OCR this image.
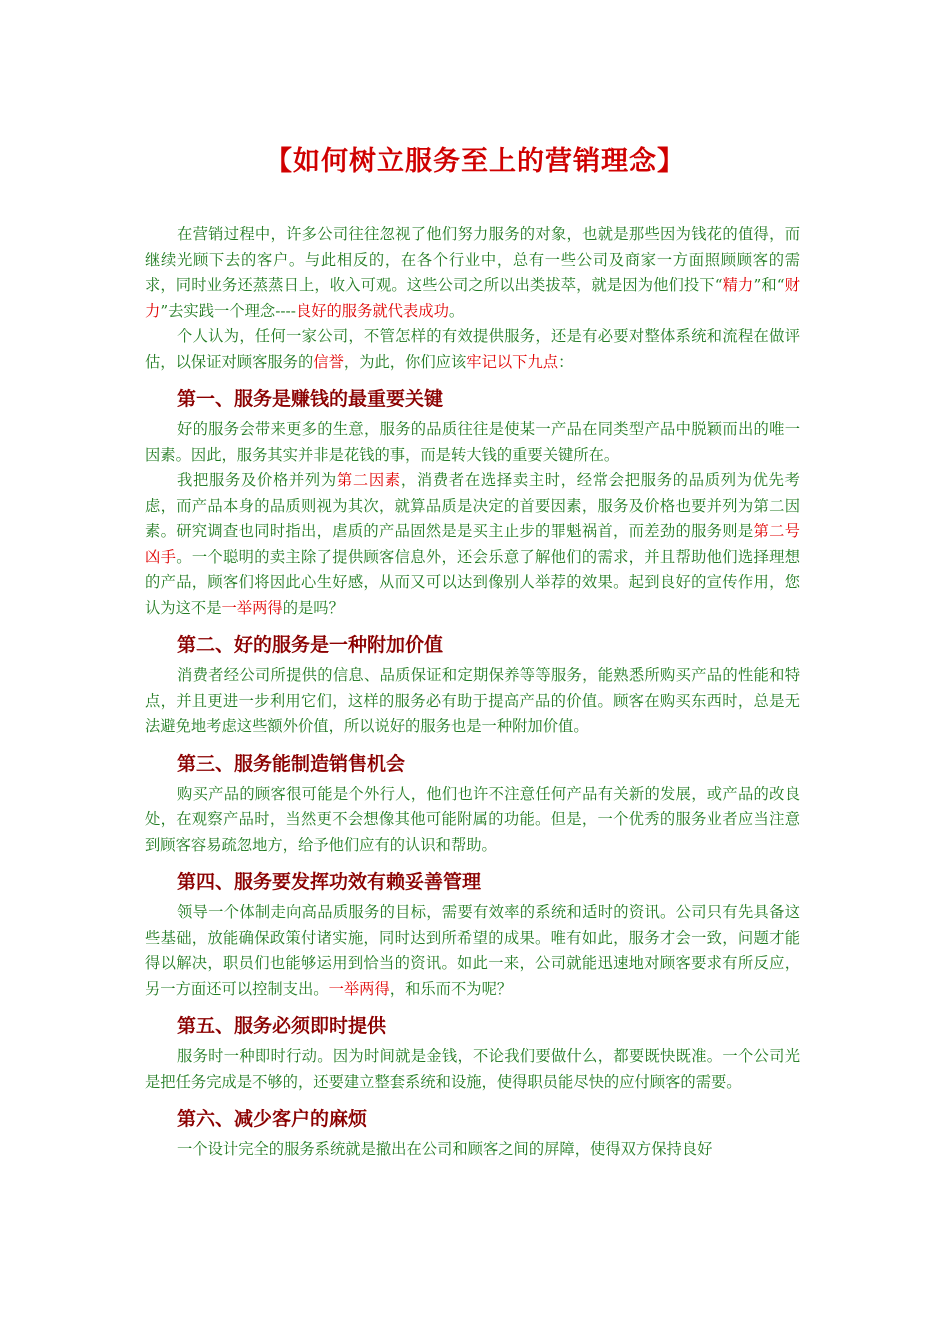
【如何树立服务至上的营销理念】

在营销过程中，许多公司往往忽视了他们努力服务的对象，也就是那些因为钱花的值得，而继续光顾下去的客户。与此相反的，在各个行业中，总有一些公司及商家一方面照顾顾客的需求，同时业务还蒸蒸日上，收入可观。这些公司之所以出类拔萃，就是因为他们投下“精力”和“财力”去实践一个理念----良好的服务就代表成功。

个人认为，任何一家公司，不管怎样的有效提供服务，还是有必要对整体系统和流程在做评估，以保证对顾客服务的信誉，为此，你们应该牢记以下九点：

第一、服务是赚钱的最重要关键

好的服务会带来更多的生意，服务的品质往往是使某一产品在同类型产品中脱颖而出的唯一因素。因此，服务其实并非是花钱的事，而是转大钱的重要关键所在。

我把服务及价格并列为第二因素，消费者在选择卖主时，经常会把服务的品质列为优先考虑，而产品本身的品质则视为其次，就算品质是决定的首要因素，服务及价格也要并列为第二因素。研究调查也同时指出，虐质的产品固然是是买主止步的罪魁祸首，而差劲的服务则是第二号凶手。一个聪明的卖主除了提供顾客信息外，还会乐意了解他们的需求，并且帮助他们选择理想的产品，顾客们将因此心生好感，从而又可以达到像别人举荐的效果。起到良好的宣传作用，您认为这不是一举两得的是吗？

第二、好的服务是一种附加价值

消费者经公司所提供的信息、品质保证和定期保养等等服务，能熟悉所购买产品的性能和特点，并且更进一步利用它们，这样的服务必有助于提高产品的价值。顾客在购买东西时，总是无法避免地考虑这些额外价值，所以说好的服务也是一种附加价值。

第三、服务能制造销售机会

购买产品的顾客很可能是个外行人，他们也许不注意任何产品有关新的发展，或产品的改良处，在观察产品时，当然更不会想像其他可能附属的功能。但是，一个优秀的服务业者应当注意到顾客容易疏忽地方，给予他们应有的认识和帮助。

第四、服务要发挥功效有赖妥善管理

领导一个体制走向高品质服务的目标，需要有效率的系统和适时的资讯。公司只有先具备这些基础，放能确保政策付诸实施，同时达到所希望的成果。唯有如此，服务才会一致，问题才能得以解决，职员们也能够运用到恰当的资讯。如此一来，公司就能迅速地对顾客要求有所反应，另一方面还可以控制支出。一举两得，和乐而不为呢？

第五、服务必须即时提供

服务时一种即时行动。因为时间就是金钱，不论我们要做什么，都要既快既准。一个公司光是把任务完成是不够的，还要建立整套系统和设施，使得职员能尽快的应付顾客的需要。

第六、减少客户的麻烦

一个设计完全的服务系统就是撤出在公司和顾客之间的屏障，使得双方保持良好
